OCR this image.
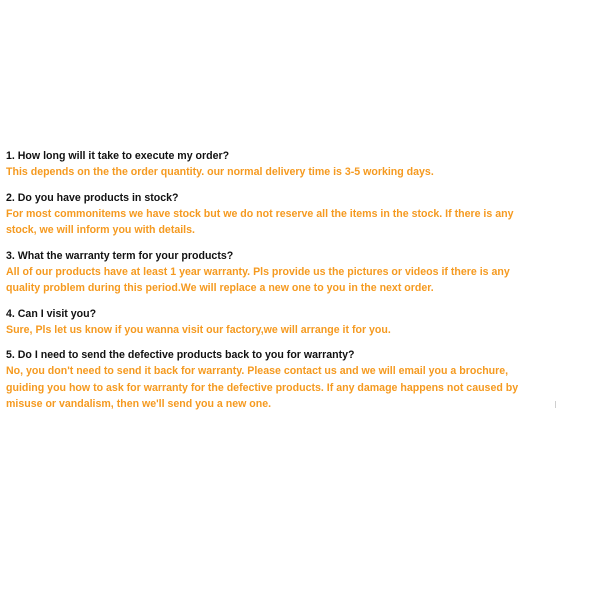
1. How long will it take to execute my order?
This depends on the the order quantity. our normal delivery time is 3-5 working days.
2. Do you have products in stock?
For most commonitems we have stock but we do not reserve all the items in the stock. If there is any
stock, we will inform you with details.
3. What the warranty term for your products?
All of our products have at least 1 year warranty. Pls provide us the pictures or videos if there is any
quality problem during this period.We will replace a new one to you in the next order.
4. Can I visit you?
Sure, Pls let us know if you wanna visit our factory,we will arrange it for you.
5. Do I need to send the defective products back to you for warranty?
No, you don't need to send it back for warranty. Please contact us and we will email you a brochure,
guiding you how to ask for warranty for the defective products. If any damage happens not caused by
misuse or vandalism, then we'll send you a new one.
